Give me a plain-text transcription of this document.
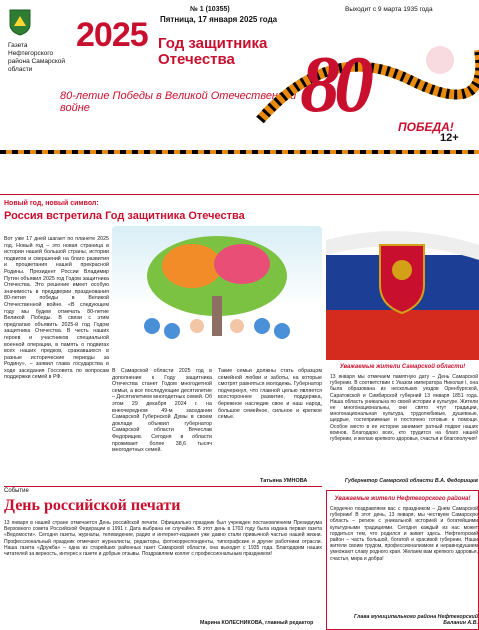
Газета Нефтегорского района Самарской области
2025 Год защитника Отечества
№ 1 (10355)
Пятница, 17 января 2025 года
Выходит с 9 марта 1935 года
80-летие Победы в Великой Отечественной войне	80	ПОБЕДА!
12+
Новый год, новый символ:
Россия встретила Год защитника Отечества
Вот уже 17 дней шагает по планете 2025 год. Новый год – это новая страница в истории нашей большой страны, истории подвигов и свершений на благо развития и процветания нашей прекрасной Родины. Президент России Владимир Путин объявил 2025 год Годом защитника Отечества. Это решение имеет особую значимость в преддверии празднования 80-летия победы в Великой Отечественной войне. «В следующем году мы будем отмечать 80-летие Великой Победы. В связи с этим предлагаю объявить 2025-й год Годом защитника Отечества. В честь наших героев и участников специальной военной операции, в память о подвигах всех наших предков, сражавшихся в разные исторические периоды за Родину», – заявил глава государства в ходе заседания Госсовета по вопросам поддержки семей в РФ.
В Самарской области 2025 год в дополнение к Году защитника Отечества станет Годом многодетной семьи, а все последующие десятилетие – Десятилетием многодетных семей. Об этом 29 декабря 2024 г. на внеочередном 49-м заседании Самарской Губернской Думы в своем докладе объявил губернатор Самарской области Вячеслав Федорищев. Сегодня в области проживает более 38,6 тысяч многодетных семей.
Такие семьи должны стать образцом семейной любви и заботы, на которые смотрят равняться молодежь. Губернатор подчеркнул, что главной целью является всестороннее развитие, поддержка, бережное наследие свое и наш народ, большое семейное, сильное и крепкое семье.
Татьяна УМНОВА
Уважаемые жители Самарской области!
13 января мы отмечаем памятную дату – День Самарской губернии. В соответствии с Указом императора Николая I, она была образована из нескольких уездов Оренбургской, Саратовской и Симбирской губерний 13 января 1851 года. Наша область уникальна по своей истории и культуре. Жители ее многонациональны, они свято чтут традиции, многонациональная культура, трудолюбивые, душевные, щедрые, гостеприимные и постоянно готовые к помощи. Особое место в ее истории занимает ратный подвиг наших воинов. Благодарю всех, кто трудится на благо нашей губернии, и желаю крепкого здоровья, счастья и благополучия!
Губернатор Самарской области В.А. Федорищев
Уважаемые жители Нефтегорского района!
Сердечно поздравляем вас с праздником – Днем Самарской губернии! В этот день, 13 января, мы чествуем Самарскую область – регион с уникальной историей и богатейшими культурными традициями. Сегодня каждый из нас может гордиться тем, что родился и живет здесь. Нефтегорский район – часть большой, богатой и красивой губернии. Наши жители своим трудом, профессионализмом и неравнодушием умножают славу родного края. Желаем вам крепкого здоровья, счастья, мира и добра!
Глава муниципального района Нефтегорский Баланин А.В.
Событие
День российской печати
13 января в нашей стране отмечается День российской печати. Официально праздник был учрежден постановлением Президиума Верховного совета Российской Федерации в 1991 г. Дата выбрана не случайно. В этот день в 1703 году была издана первая газета «Ведомости». Сегодня газеты, журналы, телевидение, радио и интернет-издания уже давно стали привычной частью нашей жизни. Профессиональный праздник отмечают журналисты, редакторы, фотокорреспонденты, типографские и другие работники отрасли. Наша газета «Дружба» – одна из старейших районных газет Самарской области, она выходит с 1935 года. Благодарим наших читателей за верность, интерес к газете и добрые отзывы. Поздравляем коллег с профессиональным праздником!
Марина КОЛЕСНИКОВА, главный редактор
